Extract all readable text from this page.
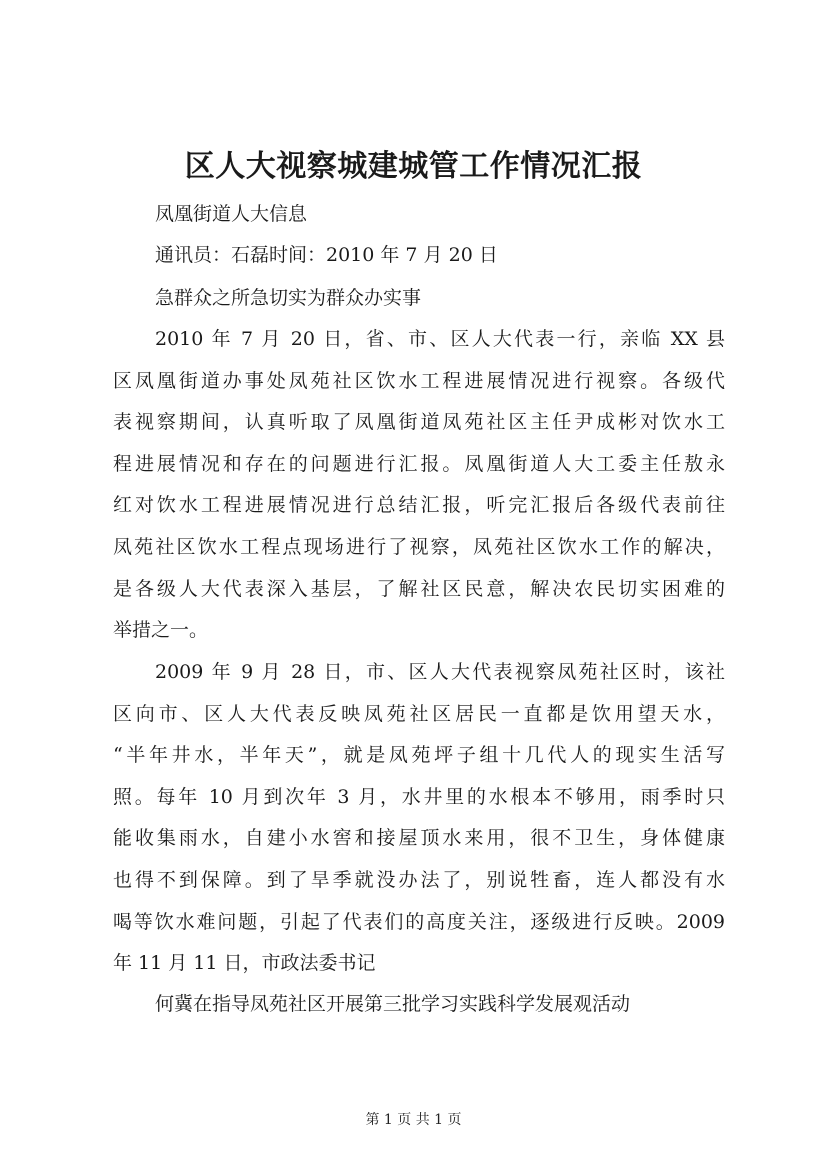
区人大视察城建城管工作情况汇报
凤凰街道人大信息
通讯员：石磊时间：2010 年 7 月 20 日
急群众之所急切实为群众办实事
2010 年 7 月 20 日，省、市、区人大代表一行，亲临 XX 县
区凤凰街道办事处凤苑社区饮水工程进展情况进行视察。各级代
表视察期间，认真听取了凤凰街道凤苑社区主任尹成彬对饮水工
程进展情况和存在的问题进行汇报。凤凰街道人大工委主任敖永
红对饮水工程进展情况进行总结汇报，听完汇报后各级代表前往
凤苑社区饮水工程点现场进行了视察，凤苑社区饮水工作的解决，
是各级人大代表深入基层，了解社区民意，解决农民切实困难的
举措之一。
2009 年 9 月 28 日，市、区人大代表视察凤苑社区时，该社
区向市、区人大代表反映凤苑社区居民一直都是饮用望天水，
“半年井水，半年天”，就是凤苑坪子组十几代人的现实生活写
照。每年 10 月到次年 3 月，水井里的水根本不够用，雨季时只
能收集雨水，自建小水窖和接屋顶水来用，很不卫生，身体健康
也得不到保障。到了旱季就没办法了，别说牲畜，连人都没有水
喝等饮水难问题，引起了代表们的高度关注，逐级进行反映。2009
年 11 月 11 日，市政法委书记
何冀在指导凤苑社区开展第三批学习实践科学发展观活动
第 1 页 共 1 页
